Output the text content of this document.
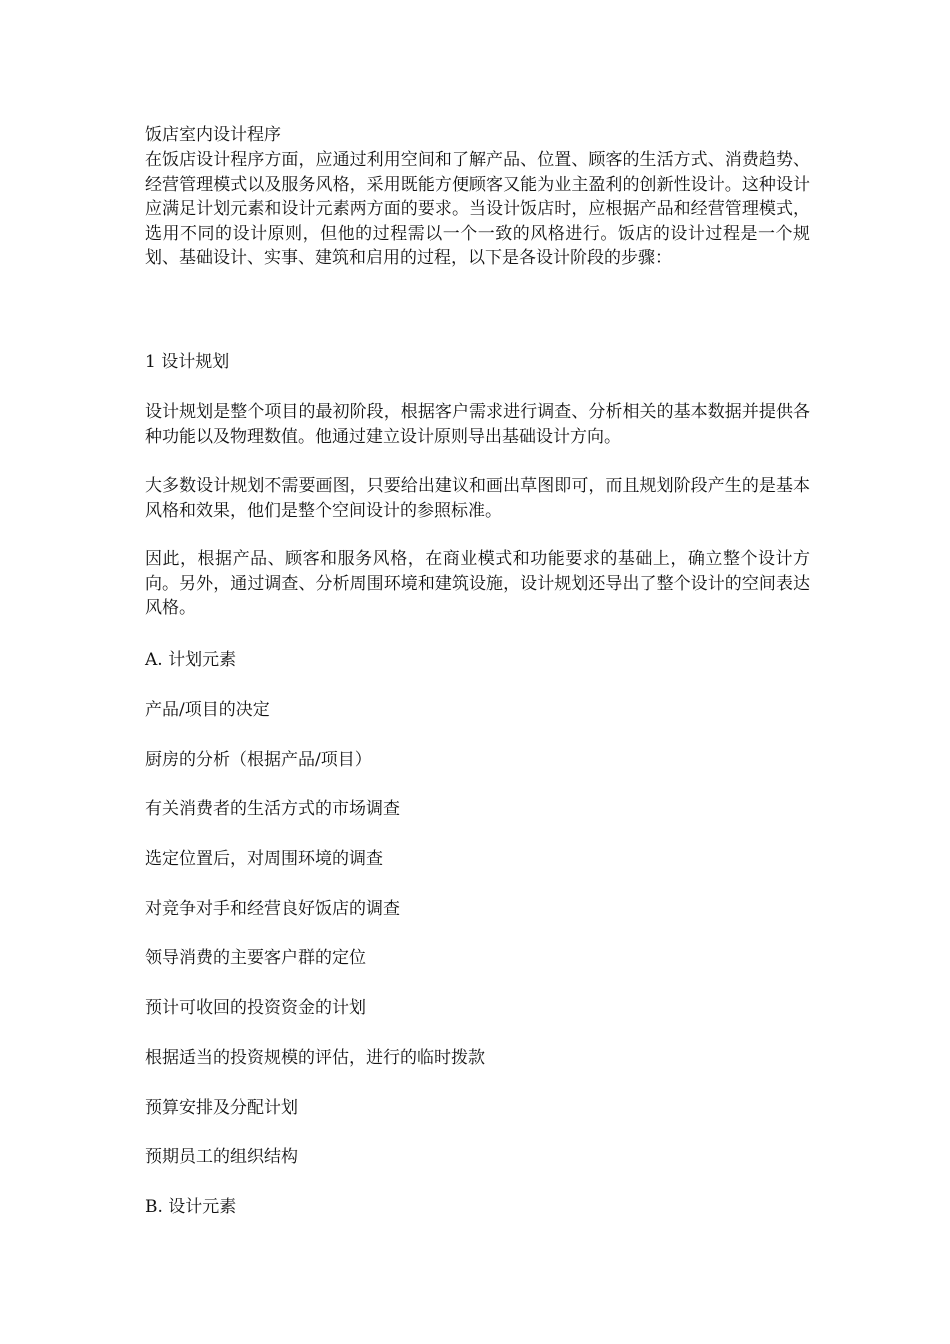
饭店室内设计程序

在饭店设计程序方面，应通过利用空间和了解产品、位置、顾客的生活方式、消费趋势、经营管理模式以及服务风格，采用既能方便顾客又能为业主盈利的创新性设计。这种设计应满足计划元素和设计元素两方面的要求。当设计饭店时，应根据产品和经营管理模式，选用不同的设计原则，但他的过程需以一个一致的风格进行。饭店的设计过程是一个规划、基础设计、实事、建筑和启用的过程，以下是各设计阶段的步骤：

1 设计规划

设计规划是整个项目的最初阶段，根据客户需求进行调查、分析相关的基本数据并提供各种功能以及物理数值。他通过建立设计原则导出基础设计方向。

大多数设计规划不需要画图，只要给出建议和画出草图即可，而且规划阶段产生的是基本风格和效果，他们是整个空间设计的参照标准。

因此，根据产品、顾客和服务风格，在商业模式和功能要求的基础上，确立整个设计方向。另外，通过调查、分析周围环境和建筑设施，设计规划还导出了整个设计的空间表达风格。

A. 计划元素

产品/项目的决定

厨房的分析（根据产品/项目）

有关消费者的生活方式的市场调查

选定位置后，对周围环境的调查

对竞争对手和经营良好饭店的调查

领导消费的主要客户群的定位

预计可收回的投资资金的计划

根据适当的投资规模的评估，进行的临时拨款

预算安排及分配计划

预期员工的组织结构

B. 设计元素
